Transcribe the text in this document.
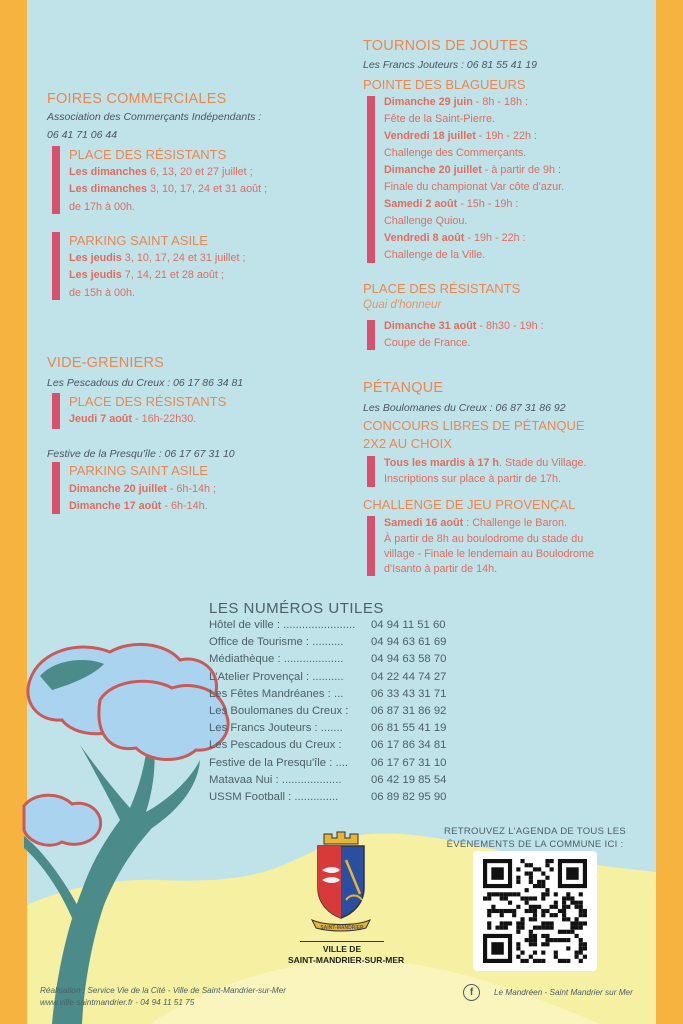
FOIRES COMMERCIALES
Association des Commerçants Indépendants :
06 41 71 06 44
PLACE DES RÉSISTANTS
Les dimanches 6, 13, 20 et 27 juillet ;
Les dimanches 3, 10, 17, 24 et 31 août ;
de 17h à 00h.
PARKING SAINT ASILE
Les jeudis 3, 10, 17, 24 et 31 juillet ;
Les jeudis 7, 14, 21 et 28 août ;
de 15h à 00h.
VIDE-GRENIERS
Les Pescadous du Creux : 06 17 86 34 81
PLACE DES RÉSISTANTS
Jeudi 7 août - 16h-22h30.
Festive de la Presqu'île : 06 17 67 31 10
PARKING SAINT ASILE
Dimanche 20 juillet - 6h-14h ;
Dimanche 17 août - 6h-14h.
TOURNOIS DE JOUTES
Les Francs Jouteurs : 06 81 55 41 19
POINTE DES BLAGUEURS
Dimanche 29 juin - 8h - 18h :
Fête de la Saint-Pierre.
Vendredi 18 juillet - 19h - 22h :
Challenge des Commerçants.
Dimanche 20 juillet - à partir de 9h :
Finale du championat Var côte d'azur.
Samedi 2 août - 15h - 19h :
Challenge Quiou.
Vendredi 8 août - 19h - 22h :
Challenge de la Ville.
PLACE DES RÉSISTANTS
Quai d'honneur
Dimanche 31 août - 8h30 - 19h :
Coupe de France.
PÉTANQUE
Les Boulomanes du Creux : 06 87 31 86 92
CONCOURS LIBRES DE PÉTANQUE
2X2 AU CHOIX
Tous les mardis à 17 h. Stade du Village.
Inscriptions sur place à partir de 17h.
CHALLENGE DE JEU PROVENÇAL
Samedi 16 août : Challenge le Baron.
À partir de 8h au boulodrome du stade du
village - Finale le lendemain au Boulodrome
d'Isanto à partir de 14h.
LES NUMÉROS UTILES
Hôtel de ville : ....................... 04 94 11 51 60
Office de Tourisme : .......... 04 94 63 61 69
Médiathèque : ................... 04 94 63 58 70
L'Atelier Provençal : .......... 04 22 44 74 27
Les Fêtes Mandréanes : ... 06 33 43 31 71
Les Boulomanes du Creux : 06 87 31 86 92
Les Francs Jouteurs : .......	06 81 55 41 19
Les Pescadous du Creux :	06 17 86 34 81
Festive de la Presqu'île : .... 06 17 67 31 10
Matavaa Nui : ...................	06 42 19 85 54
USSM Football : ..............	06 89 82 95 90
SAINT-MANDRIER
VILLE DE
SAINT-MANDRIER-SUR-MER
RETROUVEZ L'AGENDA DE TOUS LES
ÉVÉNEMENTS DE LA COMMUNE ICI :
Réalisation : Service Vie de la Cité - Ville de Saint-Mandrier-sur-Mer
www.ville-saintmandrier.fr - 04 94 11 51 75
f	Le Mandréen - Saint Mandrier sur Mer
